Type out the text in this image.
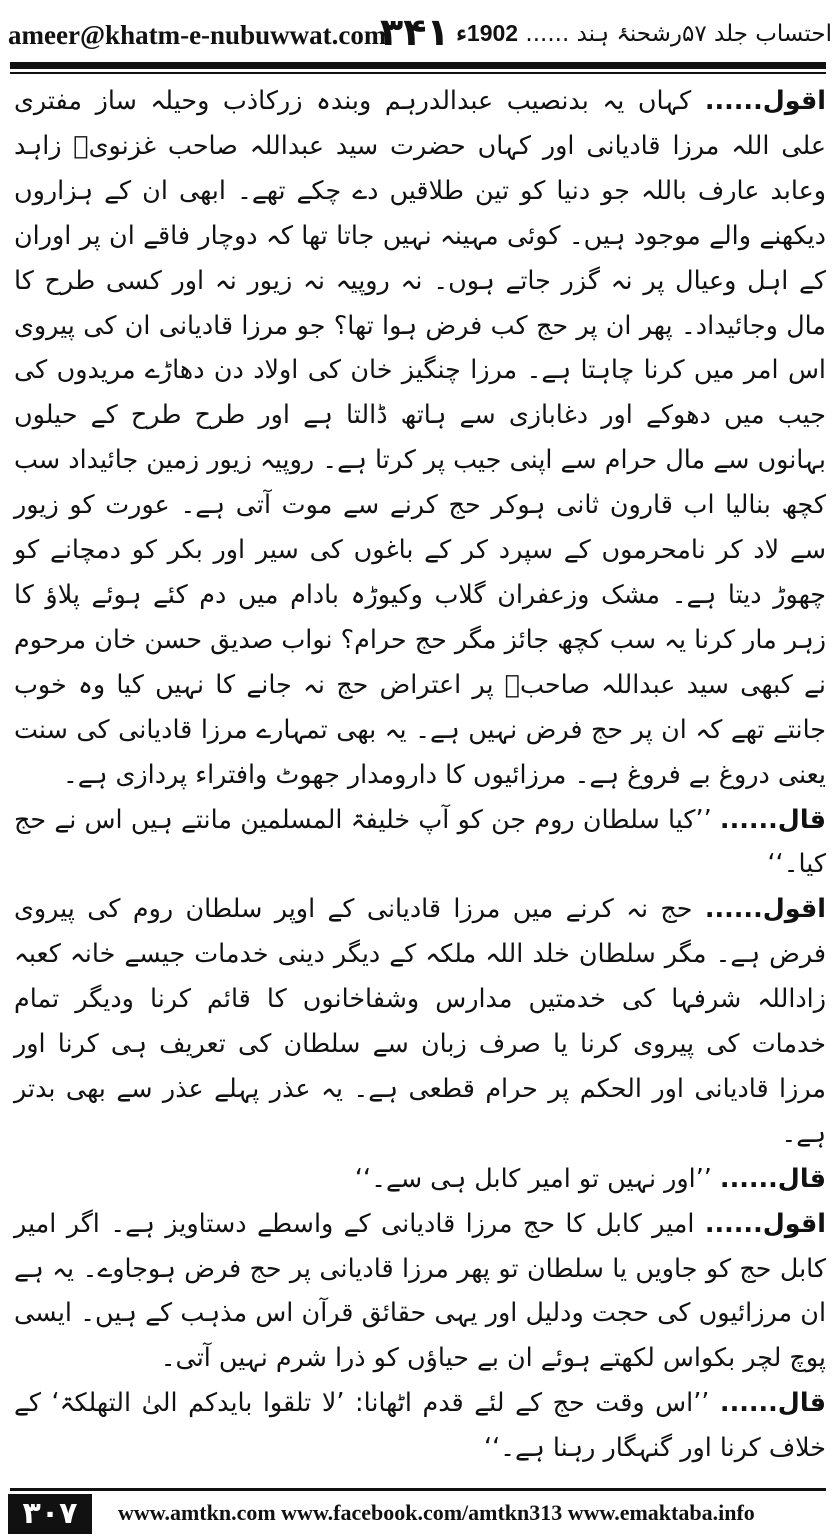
ameer@khatm-e-nubuwwat.com
۳۴۱	احتساب جلد ۵۷رشحنۂ ہند ...... 1902ء

اقول...... کہاں یہ بدنصیب عبدالدرہم وبندہ زرکاذب وحیلہ ساز مفتری علی اللہ مرزا قادیانی اور کہاں حضرت سید عبداللہ صاحب غزنویؒ زاہد وعابد عارف باللہ جو دنیا کو تین طلاقیں دے چکے تھے۔ ابھی ان کے ہزاروں دیکھنے والے موجود ہیں۔ کوئی مہینہ نہیں جاتا تھا کہ دوچار فاقے ان پر اوران کے اہل وعیال پر نہ گزر جاتے ہوں۔ نہ روپیہ نہ زیور نہ اور کسی طرح کا مال وجائیداد۔ پھر ان پر حج کب فرض ہوا تھا؟ جو مرزا قادیانی ان کی پیروی اس امر میں کرنا چاہتا ہے۔ مرزا چنگیز خان کی اولاد دن دھاڑے مریدوں کی جیب میں دھوکے اور دغابازی سے ہاتھ ڈالتا ہے اور طرح طرح کے حیلوں بہانوں سے مال حرام سے اپنی جیب پر کرتا ہے۔ روپیہ زیور زمین جائیداد سب کچھ بنالیا اب قارون ثانی ہوکر حج کرنے سے موت آتی ہے۔ عورت کو زیور سے لاد کر نامحرموں کے سپرد کر کے باغوں کی سیر اور بکر کو دمچانے کو چھوڑ دیتا ہے۔ مشک وزعفران گلاب وکیوڑہ بادام میں دم کئے ہوئے پلاؤ کا زہر مار کرنا یہ سب کچھ جائز مگر حج حرام؟ نواب صدیق حسن خان مرحوم نے کبھی سید عبداللہ صاحبؒ پر اعتراض حج نہ جانے کا نہیں کیا وہ خوب جانتے تھے کہ ان پر حج فرض نہیں ہے۔ یہ بھی تمہارے مرزا قادیانی کی سنت یعنی دروغ بے فروغ ہے۔ مرزائیوں کا دارومدار جھوٹ وافتراء پردازی ہے۔

قال...... ’’کیا سلطان روم جن کو آپ خلیفۃ المسلمین مانتے ہیں اس نے حج کیا۔‘‘

اقول...... حج نہ کرنے میں مرزا قادیانی کے اوپر سلطان روم کی پیروی فرض ہے۔ مگر سلطان خلد اللہ ملکہ کے دیگر دینی خدمات جیسے خانہ کعبہ زاداللہ شرفہا کی خدمتیں مدارس وشفاخانوں کا قائم کرنا ودیگر تمام خدمات کی پیروی کرنا یا صرف زبان سے سلطان کی تعریف ہی کرنا اور مرزا قادیانی اور الحکم پر حرام قطعی ہے۔ یہ عذر پہلے عذر سے بھی بدتر ہے۔

قال...... ’’اور نہیں تو امیر کابل ہی سے۔‘‘

اقول...... امیر کابل کا حج مرزا قادیانی کے واسطے دستاویز ہے۔ اگر امیر کابل حج کو جاویں یا سلطان تو پھر مرزا قادیانی پر حج فرض ہوجاوے۔ یہ ہے ان مرزائیوں کی حجت ودلیل اور یہی حقائق قرآن اس مذہب کے ہیں۔ ایسی پوچ لچر بکواس لکھتے ہوئے ان بے حیاؤں کو ذرا شرم نہیں آتی۔

قال...... ’’اس وقت حج کے لئے قدم اٹھانا: ’لا تلقوا بایدکم الیٰ التھلکۃ‘ کے خلاف کرنا اور گنہگار رہنا ہے۔‘‘

۳۰۷	www.amtkn.com www.facebook.com/amtkn313 www.emaktaba.info
